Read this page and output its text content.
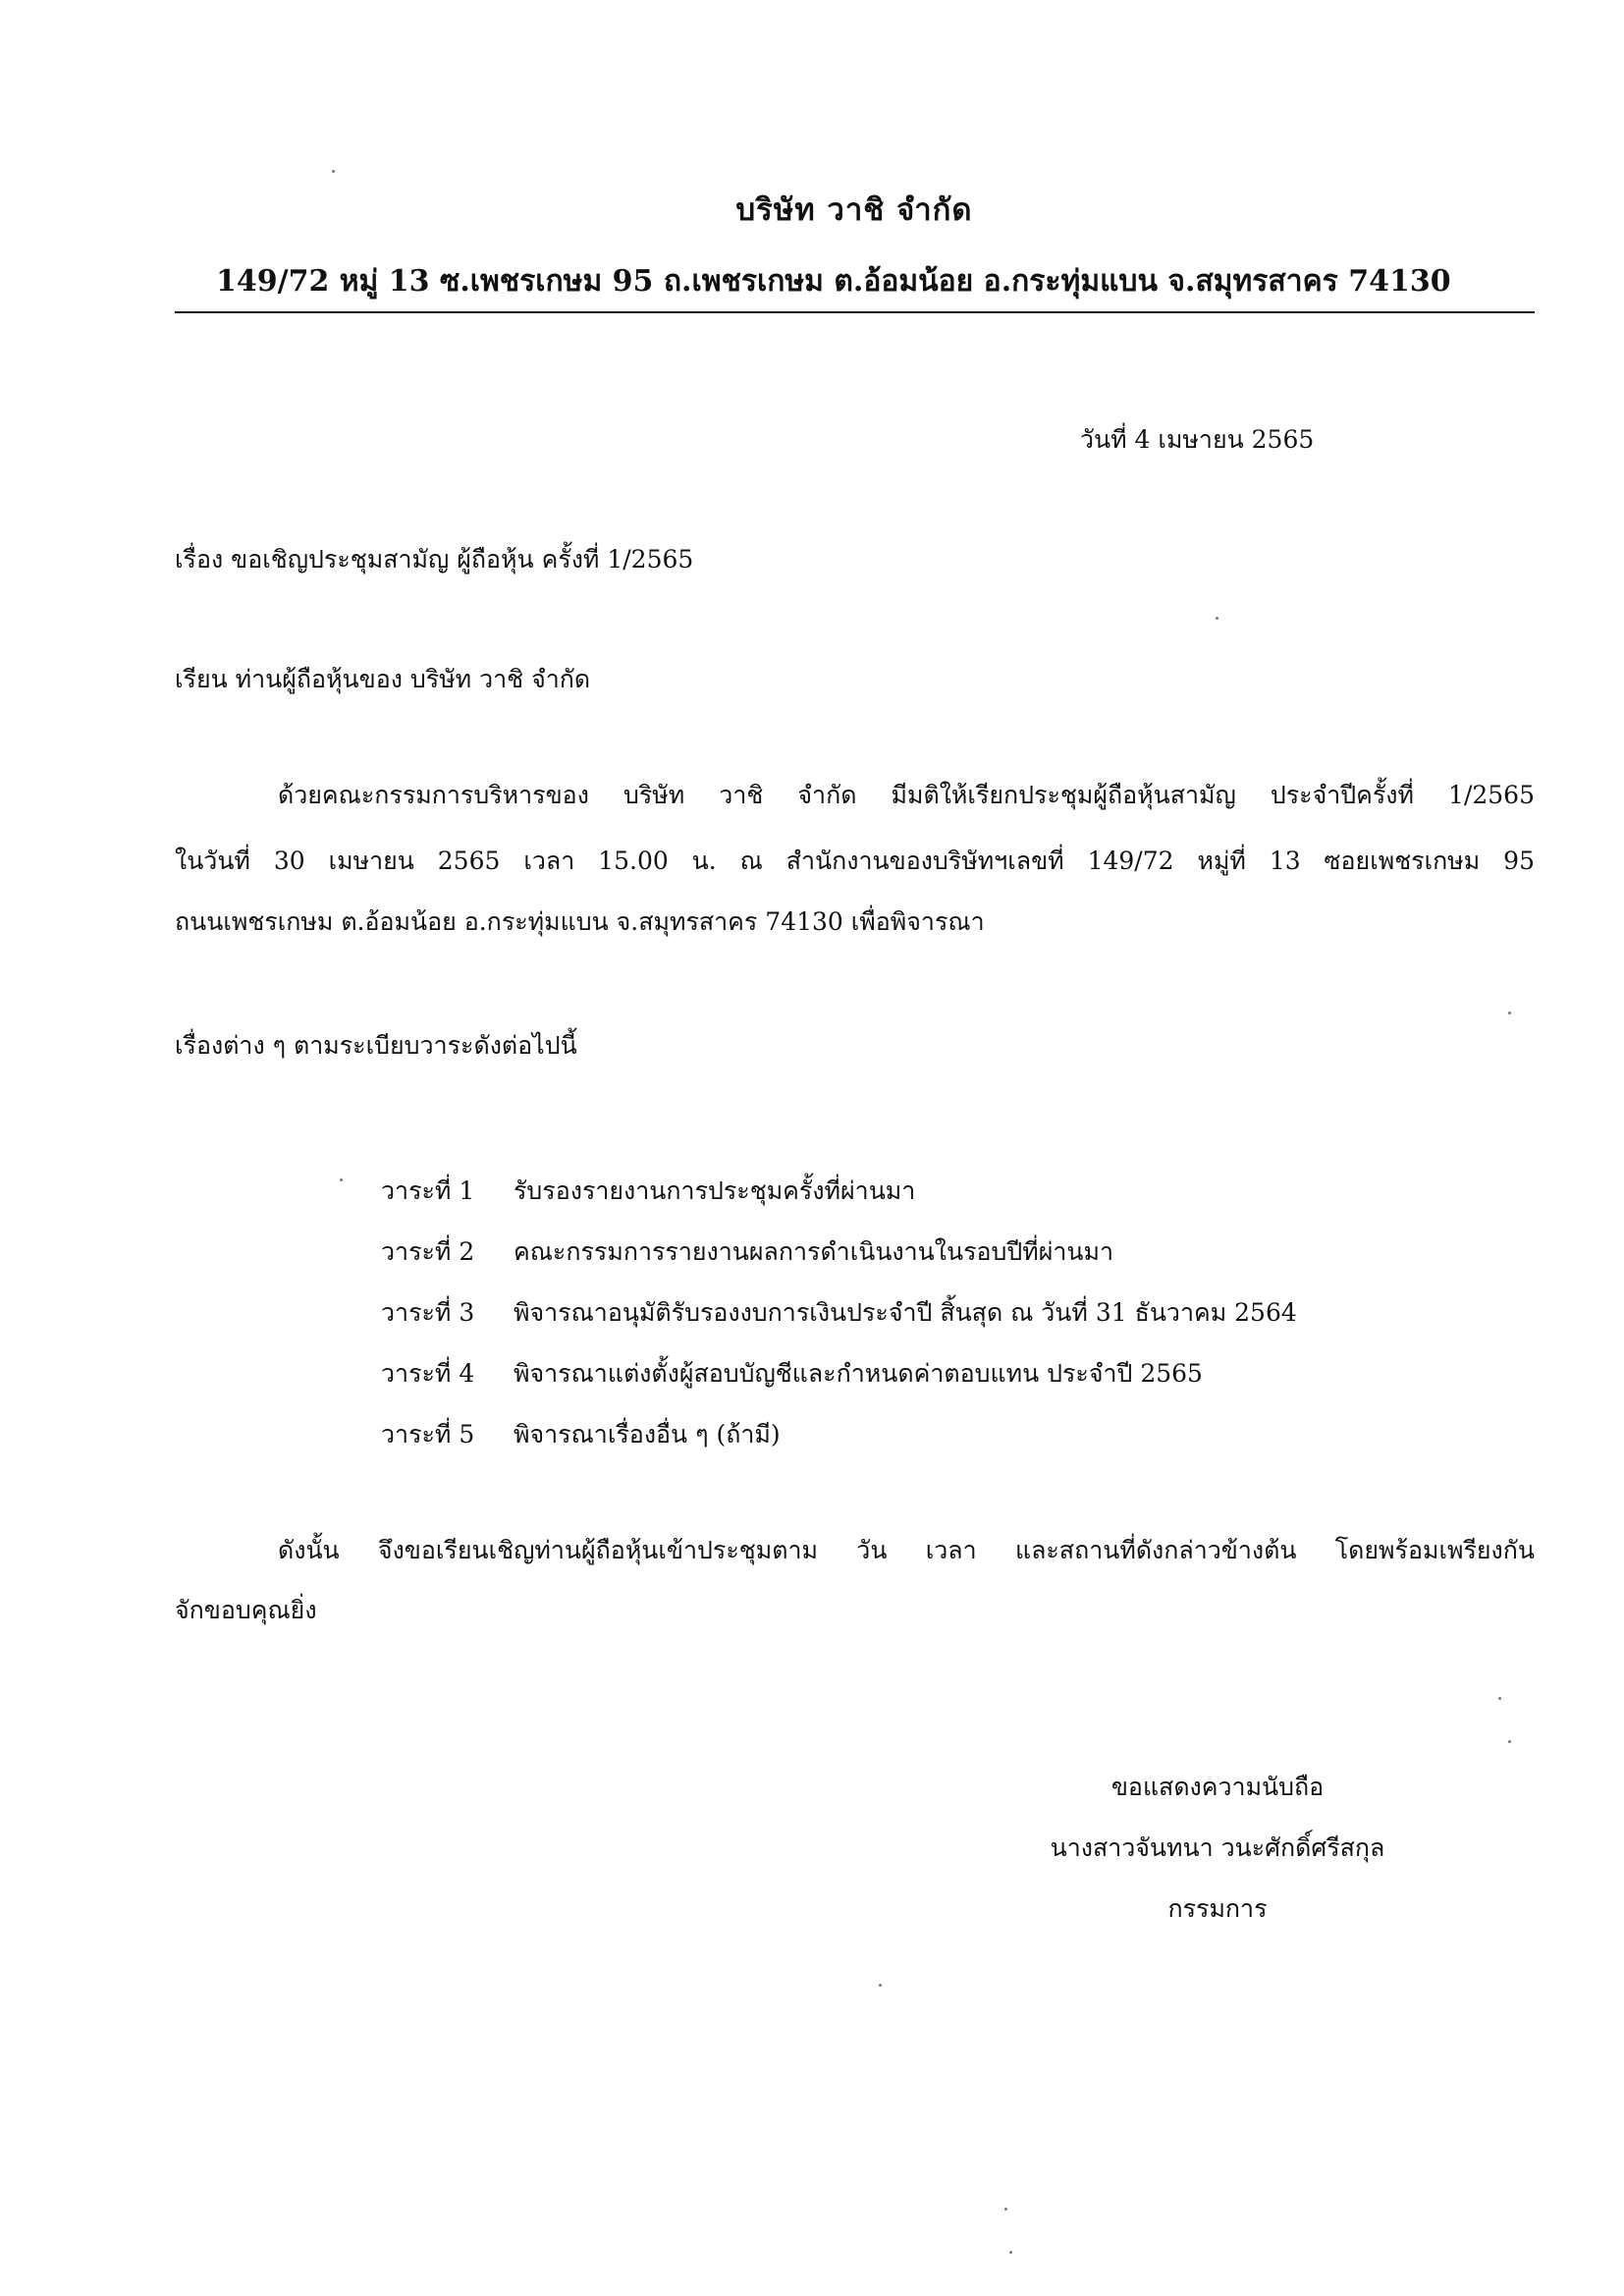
บริษัท วาชิ จำกัด
149/72 หมู่ 13 ซ.เพชรเกษม 95 ถ.เพชรเกษม ต.อ้อมน้อย อ.กระทุ่มแบน จ.สมุทรสาคร 74130
วันที่ 4 เมษายน 2565
เรื่อง ขอเชิญประชุมสามัญ ผู้ถือหุ้น ครั้งที่ 1/2565
เรียน ท่านผู้ถือหุ้นของ บริษัท วาชิ จำกัด
ด้วยคณะกรรมการบริหารของ บริษัท วาชิ จำกัด มีมติให้เรียกประชุมผู้ถือหุ้นสามัญ ประจำปีครั้งที่ 1/2565
ในวันที่ 30 เมษายน 2565 เวลา 15.00 น. ณ สำนักงานของบริษัทฯเลขที่ 149/72 หมู่ที่ 13 ซอยเพชรเกษม 95
ถนนเพชรเกษม ต.อ้อมน้อย อ.กระทุ่มแบน จ.สมุทรสาคร 74130 เพื่อพิจารณา
เรื่องต่าง ๆ ตามระเบียบวาระดังต่อไปนี้
วาระที่ 1 รับรองรายงานการประชุมครั้งที่ผ่านมา
วาระที่ 2 คณะกรรมการรายงานผลการดำเนินงานในรอบปีที่ผ่านมา
วาระที่ 3 พิจารณาอนุมัติรับรองงบการเงินประจำปี สิ้นสุด ณ วันที่ 31 ธันวาคม 2564
วาระที่ 4 พิจารณาแต่งตั้งผู้สอบบัญชีและกำหนดค่าตอบแทน ประจำปี 2565
วาระที่ 5 พิจารณาเรื่องอื่น ๆ (ถ้ามี)
ดังนั้น จึงขอเรียนเชิญท่านผู้ถือหุ้นเข้าประชุมตาม วัน เวลา และสถานที่ดังกล่าวข้างต้น โดยพร้อมเพรียงกัน
จักขอบคุณยิ่ง
ขอแสดงความนับถือ
นางสาวจันทนา วนะศักดิ์ศรีสกุล
กรรมการ
